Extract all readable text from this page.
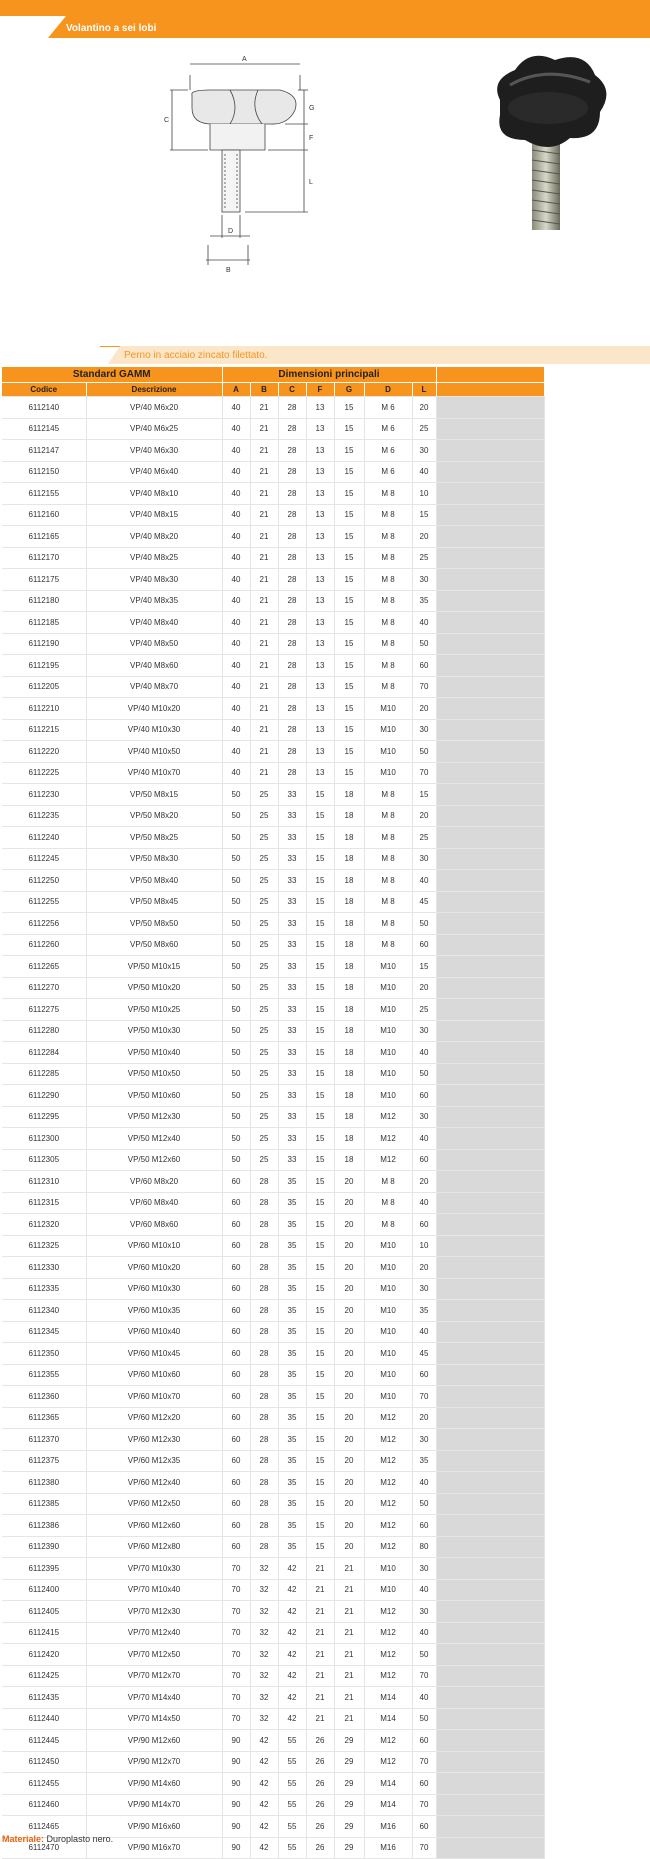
Volantino a sei lobi
A
C
G
F
L
D
B
Perno in acciaio zincato filettato.
Standard GAMM		Dimensioni principali							
Codice	Descrizione	A	B	C	F	G	D	L	
6112140	VP/40 M6x20	40	21	28	13	15	M 6	20	
6112145	VP/40 M6x25	40	21	28	13	15	M 6	25	
6112147	VP/40 M6x30	40	21	28	13	15	M 6	30	
6112150	VP/40 M6x40	40	21	28	13	15	M 6	40	
6112155	VP/40 M8x10	40	21	28	13	15	M 8	10	
6112160	VP/40 M8x15	40	21	28	13	15	M 8	15	
6112165	VP/40 M8x20	40	21	28	13	15	M 8	20	
6112170	VP/40 M8x25	40	21	28	13	15	M 8	25	
6112175	VP/40 M8x30	40	21	28	13	15	M 8	30	
6112180	VP/40 M8x35	40	21	28	13	15	M 8	35	
6112185	VP/40 M8x40	40	21	28	13	15	M 8	40	
6112190	VP/40 M8x50	40	21	28	13	15	M 8	50	
6112195	VP/40 M8x60	40	21	28	13	15	M 8	60	
6112205	VP/40 M8x70	40	21	28	13	15	M 8	70	
6112210	VP/40 M10x20	40	21	28	13	15	M10	20	
6112215	VP/40 M10x30	40	21	28	13	15	M10	30	
6112220	VP/40 M10x50	40	21	28	13	15	M10	50	
6112225	VP/40 M10x70	40	21	28	13	15	M10	70	
6112230	VP/50 M8x15	50	25	33	15	18	M 8	15	
6112235	VP/50 M8x20	50	25	33	15	18	M 8	20	
6112240	VP/50 M8x25	50	25	33	15	18	M 8	25	
6112245	VP/50 M8x30	50	25	33	15	18	M 8	30	
6112250	VP/50 M8x40	50	25	33	15	18	M 8	40	
6112255	VP/50 M8x45	50	25	33	15	18	M 8	45	
6112256	VP/50 M8x50	50	25	33	15	18	M 8	50	
6112260	VP/50 M8x60	50	25	33	15	18	M 8	60	
6112265	VP/50 M10x15	50	25	33	15	18	M10	15	
6112270	VP/50 M10x20	50	25	33	15	18	M10	20	
6112275	VP/50 M10x25	50	25	33	15	18	M10	25	
6112280	VP/50 M10x30	50	25	33	15	18	M10	30	
6112284	VP/50 M10x40	50	25	33	15	18	M10	40	
6112285	VP/50 M10x50	50	25	33	15	18	M10	50	
6112290	VP/50 M10x60	50	25	33	15	18	M10	60	
6112295	VP/50 M12x30	50	25	33	15	18	M12	30	
6112300	VP/50 M12x40	50	25	33	15	18	M12	40	
6112305	VP/50 M12x60	50	25	33	15	18	M12	60	
6112310	VP/60 M8x20	60	28	35	15	20	M 8	20	
6112315	VP/60 M8x40	60	28	35	15	20	M 8	40	
6112320	VP/60 M8x60	60	28	35	15	20	M 8	60	
6112325	VP/60 M10x10	60	28	35	15	20	M10	10	
6112330	VP/60 M10x20	60	28	35	15	20	M10	20	
6112335	VP/60 M10x30	60	28	35	15	20	M10	30	
6112340	VP/60 M10x35	60	28	35	15	20	M10	35	
6112345	VP/60 M10x40	60	28	35	15	20	M10	40	
6112350	VP/60 M10x45	60	28	35	15	20	M10	45	
6112355	VP/60 M10x60	60	28	35	15	20	M10	60	
6112360	VP/60 M10x70	60	28	35	15	20	M10	70	
6112365	VP/60 M12x20	60	28	35	15	20	M12	20	
6112370	VP/60 M12x30	60	28	35	15	20	M12	30	
6112375	VP/60 M12x35	60	28	35	15	20	M12	35	
6112380	VP/60 M12x40	60	28	35	15	20	M12	40	
6112385	VP/60 M12x50	60	28	35	15	20	M12	50	
6112386	VP/60 M12x60	60	28	35	15	20	M12	60	
6112390	VP/60 M12x80	60	28	35	15	20	M12	80	
6112395	VP/70 M10x30	70	32	42	21	21	M10	30	
6112400	VP/70 M10x40	70	32	42	21	21	M10	40	
6112405	VP/70 M12x30	70	32	42	21	21	M12	30	
6112415	VP/70 M12x40	70	32	42	21	21	M12	40	
6112420	VP/70 M12x50	70	32	42	21	21	M12	50	
6112425	VP/70 M12x70	70	32	42	21	21	M12	70	
6112435	VP/70 M14x40	70	32	42	21	21	M14	40	
6112440	VP/70 M14x50	70	32	42	21	21	M14	50	
6112445	VP/90 M12x60	90	42	55	26	29	M12	60	
6112450	VP/90 M12x70	90	42	55	26	29	M12	70	
6112455	VP/90 M14x60	90	42	55	26	29	M14	60	
6112460	VP/90 M14x70	90	42	55	26	29	M14	70	
6112465	VP/90 M16x60	90	42	55	26	29	M16	60	
6112470	VP/90 M16x70	90	42	55	26	29	M16	70	
Materiale: Duroplasto nero.
